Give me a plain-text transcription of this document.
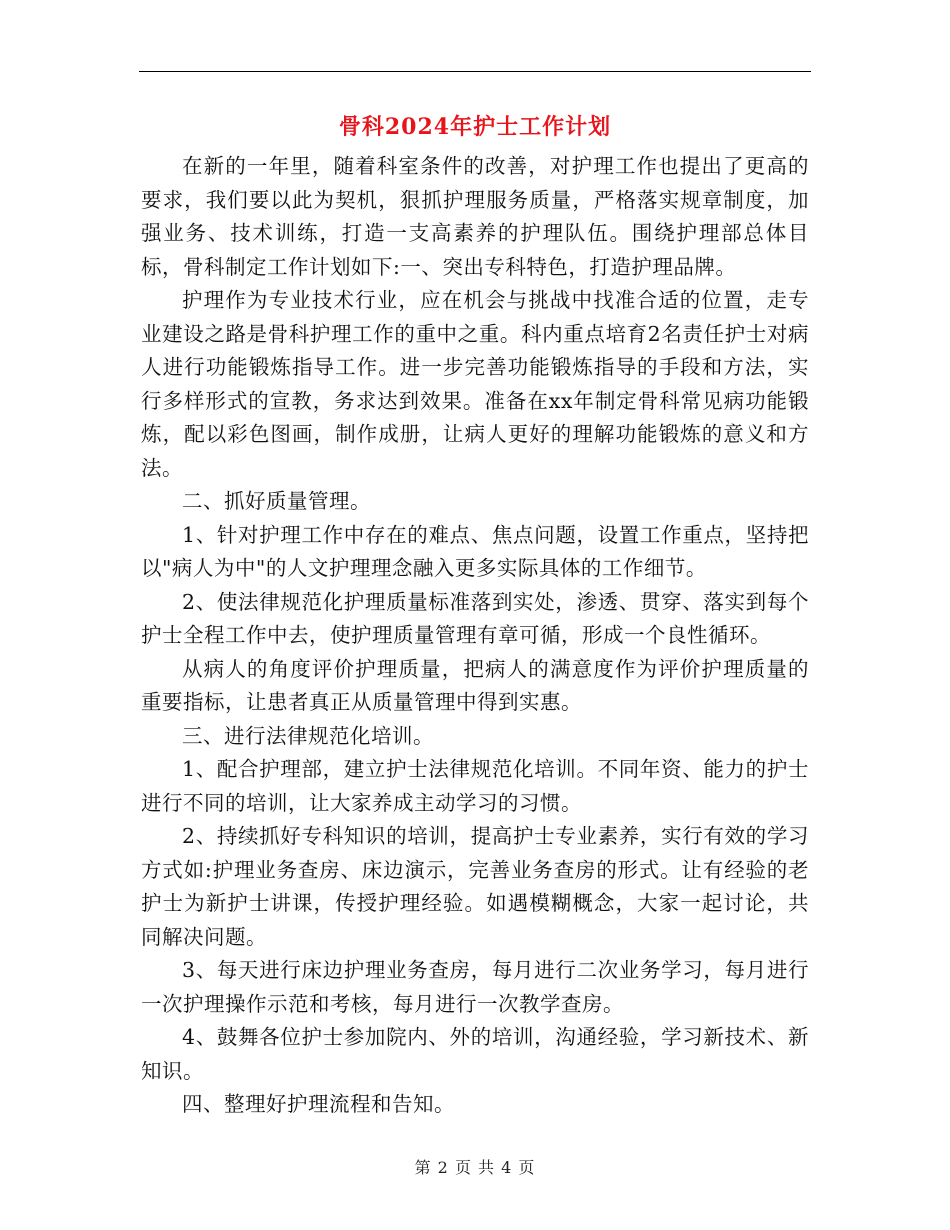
骨科2024年护士工作计划

在新的一年里，随着科室条件的改善，对护理工作也提出了更高的要求，我们要以此为契机，狠抓护理服务质量，严格落实规章制度，加强业务、技术训练，打造一支高素养的护理队伍。围绕护理部总体目标，骨科制定工作计划如下:一、突出专科特色，打造护理品牌。

护理作为专业技术行业，应在机会与挑战中找准合适的位置，走专业建设之路是骨科护理工作的重中之重。科内重点培育2名责任护士对病人进行功能锻炼指导工作。进一步完善功能锻炼指导的手段和方法，实行多样形式的宣教，务求达到效果。准备在xx年制定骨科常见病功能锻炼，配以彩色图画，制作成册，让病人更好的理解功能锻炼的意义和方法。

二、抓好质量管理。

1、针对护理工作中存在的难点、焦点问题，设置工作重点，坚持把以"病人为中"的人文护理理念融入更多实际具体的工作细节。

2、使法律规范化护理质量标准落到实处，渗透、贯穿、落实到每个护士全程工作中去，使护理质量管理有章可循，形成一个良性循环。

从病人的角度评价护理质量，把病人的满意度作为评价护理质量的重要指标，让患者真正从质量管理中得到实惠。

三、进行法律规范化培训。

1、配合护理部，建立护士法律规范化培训。不同年资、能力的护士进行不同的培训，让大家养成主动学习的习惯。

2、持续抓好专科知识的培训，提高护士专业素养，实行有效的学习方式如:护理业务查房、床边演示，完善业务查房的形式。让有经验的老护士为新护士讲课，传授护理经验。如遇模糊概念，大家一起讨论，共同解决问题。

3、每天进行床边护理业务查房，每月进行二次业务学习，每月进行一次护理操作示范和考核，每月进行一次教学查房。

4、鼓舞各位护士参加院内、外的培训，沟通经验，学习新技术、新知识。

四、整理好护理流程和告知。

第 2 页 共 4 页
